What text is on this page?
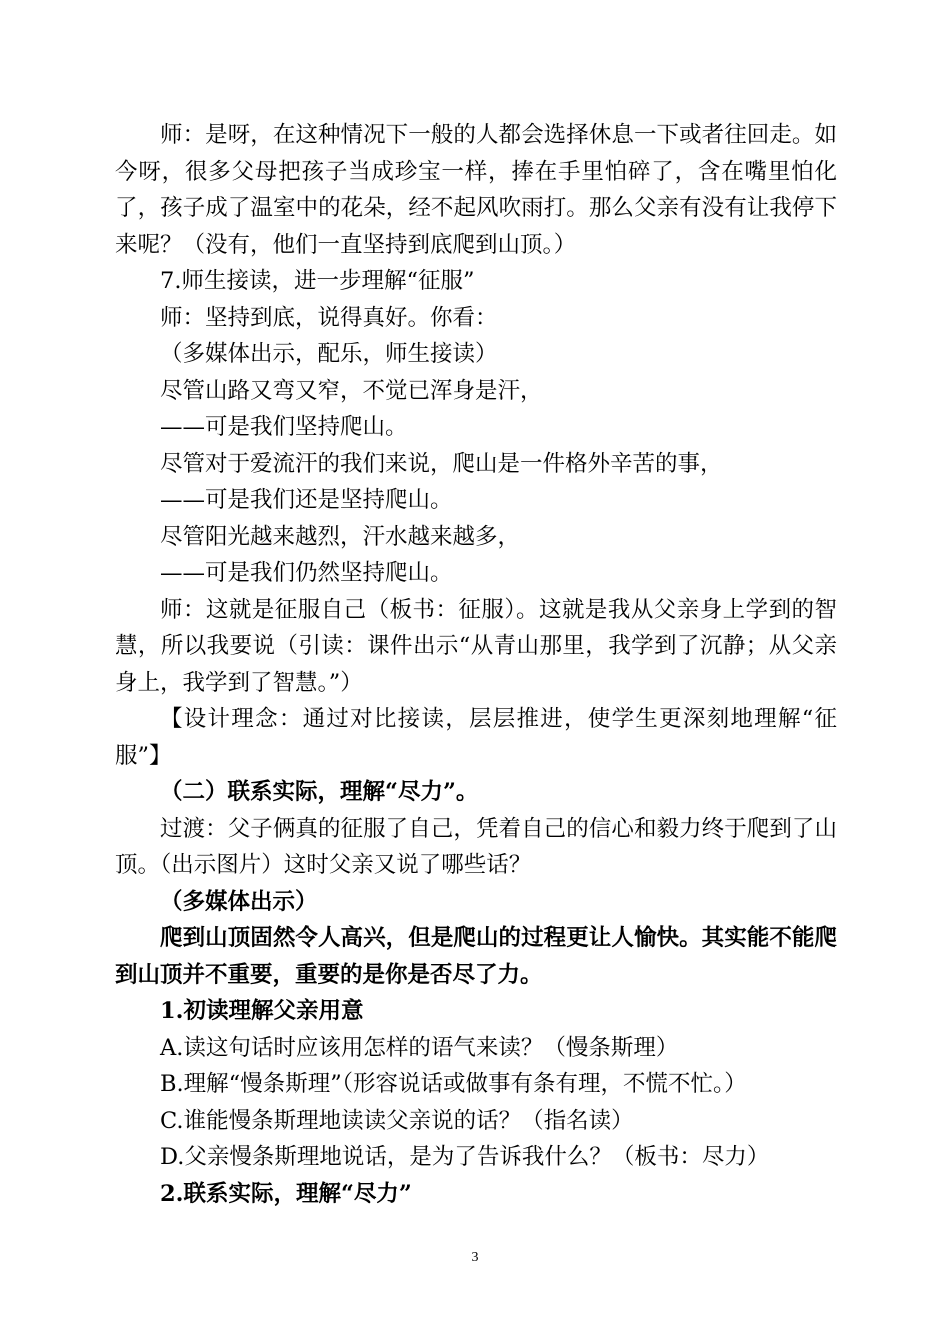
师：是呀，在这种情况下一般的人都会选择休息一下或者往回走。如今呀，很多父母把孩子当成珍宝一样，捧在手里怕碎了，含在嘴里怕化了，孩子成了温室中的花朵，经不起风吹雨打。那么父亲有没有让我停下来呢？（没有，他们一直坚持到底爬到山顶。）

7.师生接读，进一步理解“征服”

师：坚持到底，说得真好。你看：

（多媒体出示，配乐，师生接读）

尽管山路又弯又窄，不觉已浑身是汗，

——可是我们坚持爬山。

尽管对于爱流汗的我们来说，爬山是一件格外辛苦的事，

——可是我们还是坚持爬山。

尽管阳光越来越烈，汗水越来越多，

——可是我们仍然坚持爬山。

师：这就是征服自己（板书：征服）。这就是我从父亲身上学到的智慧，所以我要说（引读：课件出示“从青山那里，我学到了沉静；从父亲身上，我学到了智慧。”）

【设计理念：通过对比接读，层层推进，使学生更深刻地理解“征服”】

（二）联系实际，理解“尽力”。

过渡：父子俩真的征服了自己，凭着自己的信心和毅力终于爬到了山顶。（出示图片）这时父亲又说了哪些话？

（多媒体出示）

爬到山顶固然令人高兴，但是爬山的过程更让人愉快。其实能不能爬到山顶并不重要，重要的是你是否尽了力。

1.初读理解父亲用意

A.读这句话时应该用怎样的语气来读？（慢条斯理）

B.理解“慢条斯理”（形容说话或做事有条有理，不慌不忙。）

C.谁能慢条斯理地读读父亲说的话？（指名读）

D.父亲慢条斯理地说话，是为了告诉我什么？（板书：尽力）

2.联系实际，理解“尽力”

3
